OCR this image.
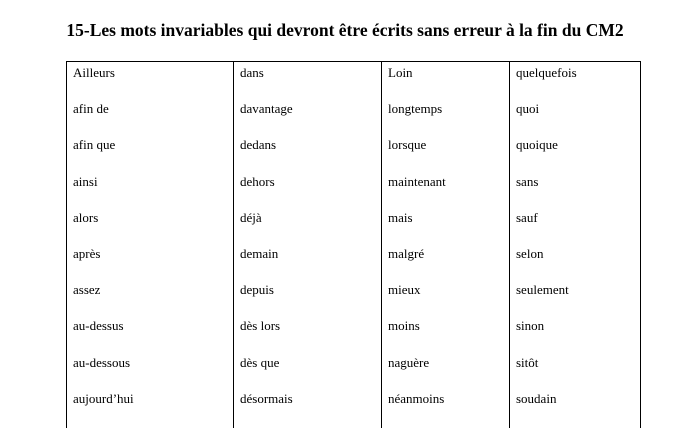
15-Les mots invariables qui devront être écrits sans erreur à la fin du CM2
Ailleurs
afin de
afin que
ainsi
alors
après
assez
au-dessus
au-dessous
aujourd’hui
dans
davantage
dedans
dehors
déjà
demain
depuis
dès lors
dès que
désormais
Loin
longtemps
lorsque
maintenant
mais
malgré
mieux
moins
naguère
néanmoins
quelquefois
quoi
quoique
sans
sauf
selon
seulement
sinon
sitôt
soudain
